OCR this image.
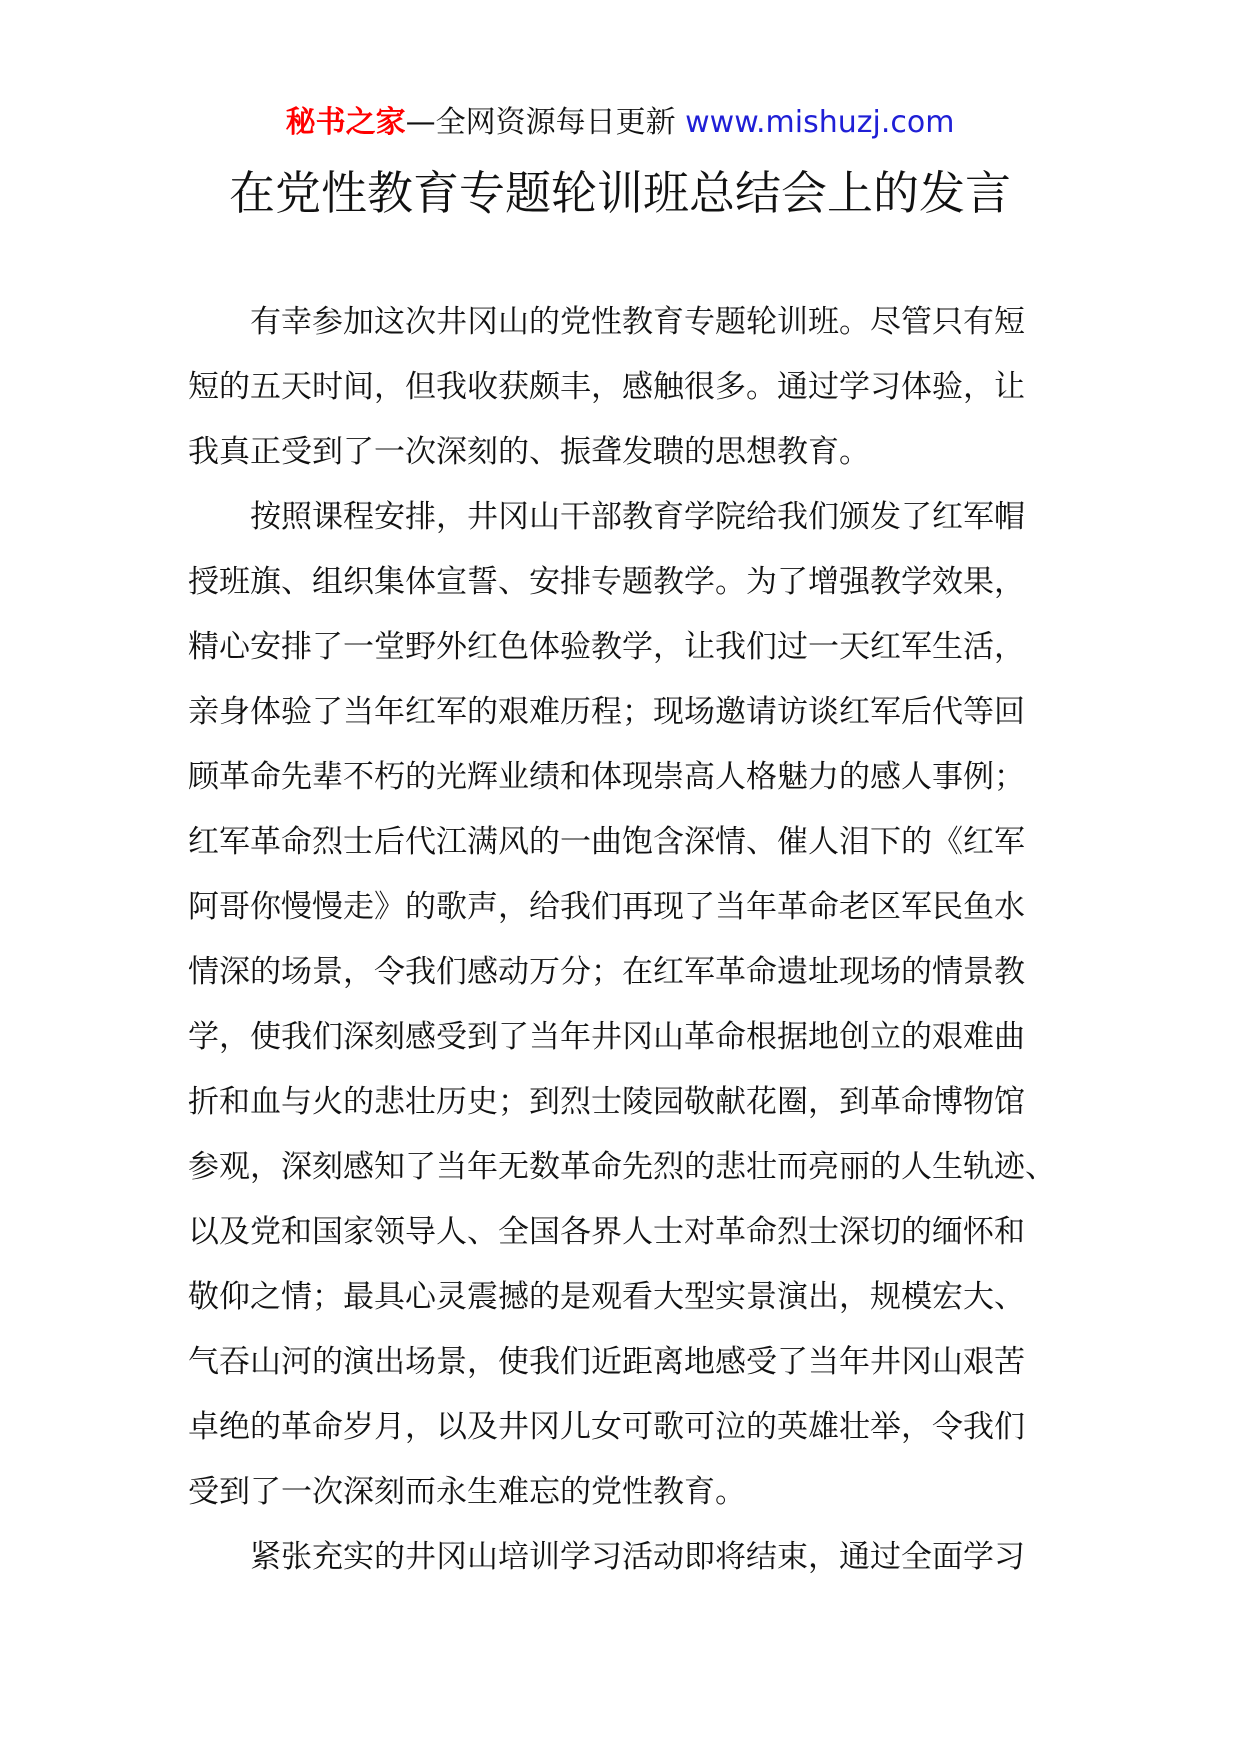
秘书之家—全网资源每日更新 www.mishuzj.com
在党性教育专题轮训班总结会上的发言

有幸参加这次井冈山的党性教育专题轮训班。尽管只有短
短的五天时间，但我收获颇丰，感触很多。通过学习体验，让
我真正受到了一次深刻的、振聋发聩的思想教育。

按照课程安排，井冈山干部教育学院给我们颁发了红军帽
授班旗、组织集体宣誓、安排专题教学。为了增强教学效果，
精心安排了一堂野外红色体验教学，让我们过一天红军生活，
亲身体验了当年红军的艰难历程；现场邀请访谈红军后代等回
顾革命先辈不朽的光辉业绩和体现崇高人格魅力的感人事例；
红军革命烈士后代江满风的一曲饱含深情、催人泪下的《红军
阿哥你慢慢走》的歌声，给我们再现了当年革命老区军民鱼水
情深的场景，令我们感动万分；在红军革命遗址现场的情景教
学，使我们深刻感受到了当年井冈山革命根据地创立的艰难曲
折和血与火的悲壮历史；到烈士陵园敬献花圈，到革命博物馆
参观，深刻感知了当年无数革命先烈的悲壮而亮丽的人生轨迹、
以及党和国家领导人、全国各界人士对革命烈士深切的缅怀和
敬仰之情；最具心灵震撼的是观看大型实景演出，规模宏大、
气吞山河的演出场景，使我们近距离地感受了当年井冈山艰苦
卓绝的革命岁月，以及井冈儿女可歌可泣的英雄壮举，令我们
受到了一次深刻而永生难忘的党性教育。

紧张充实的井冈山培训学习活动即将结束，通过全面学习
